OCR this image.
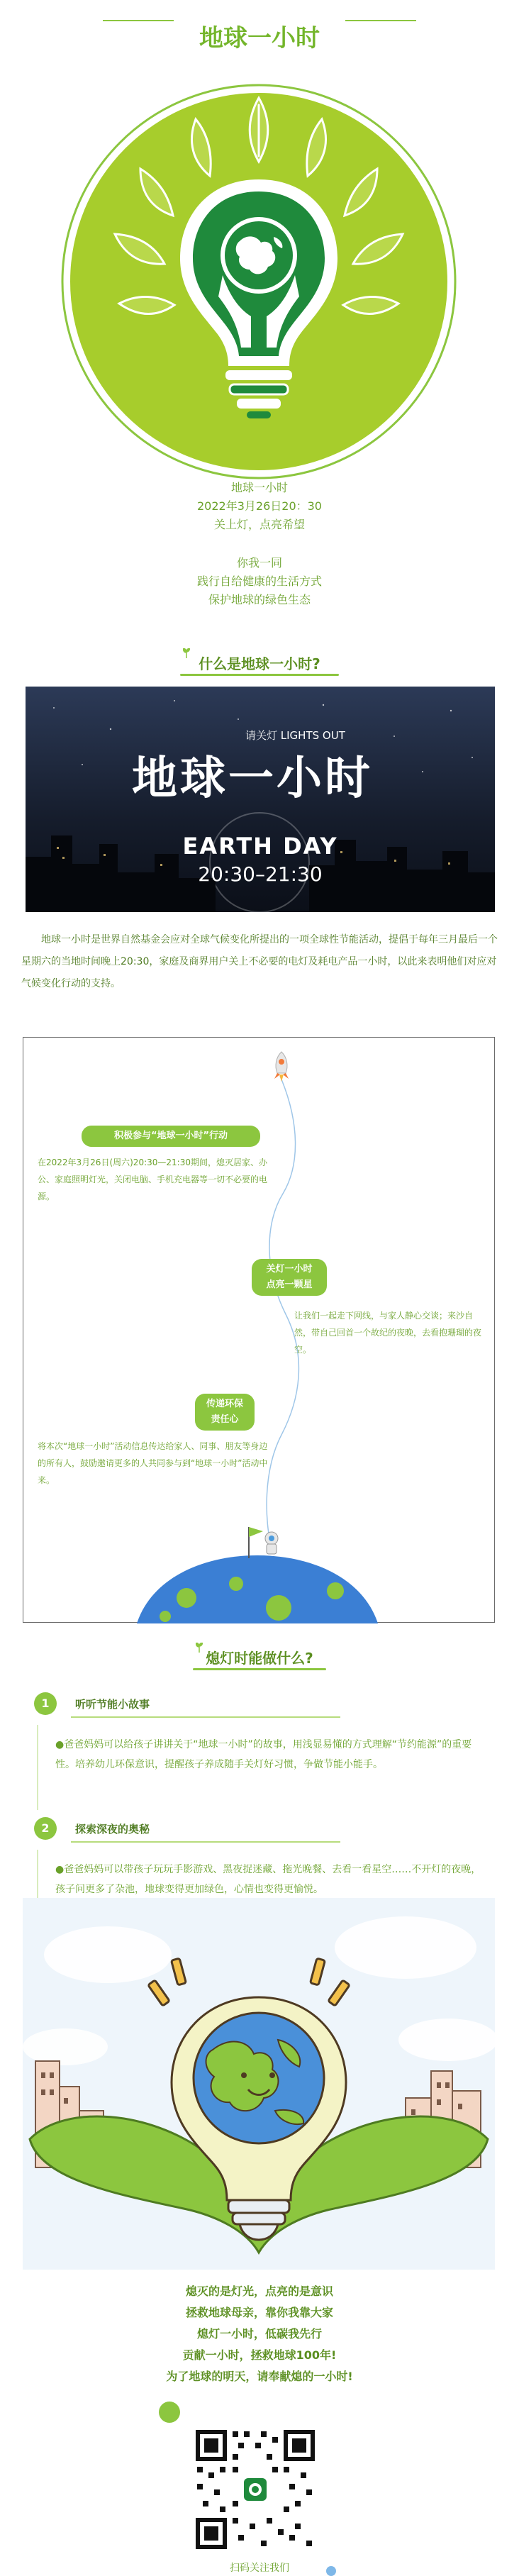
地球一小时
地球一小时
2022年3月26日20：30
关上灯，点亮希望
你我一同
践行自给健康的生活方式
保护地球的绿色生态
什么是地球一小时?
请关灯 LIGHTS OUT
地球一小时
EARTH DAY
20:30–21:30
地球一小时是世界自然基金会应对全球气候变化所提出的一项全球性节能活动，提倡于每年三月最后一个星期六的当地时间晚上20:30，家庭及商界用户关上不必要的电灯及耗电产品一小时，以此来表明他们对应对气候变化行动的支持。
积极参与“地球一小时”行动
在2022年3月26日(周六)20:30—21:30期间，熄灭居家、办公、家庭照明灯光，关闭电脑、手机充电器等一切不必要的电源。
关灯一小时
点亮一颗星
让我们一起走下网线，与家人静心交谈；来沙自然，带自己回首一个故纪的夜晚，去看抱珊瑚的夜空。
传递环保
责任心
将本次“地球一小时”活动信息传达给家人、同事、朋友等身边的所有人，鼓励邀请更多的人共同参与到“地球一小时”活动中来。
熄灯时能做什么?
1	听听节能小故事
●爸爸妈妈可以给孩子讲讲关于“地球一小时”的故事，用浅显易懂的方式理解“节约能源”的重要性。培养幼儿环保意识，提醒孩子养成随手关灯好习惯，争做节能小能手。
2	探索深夜的奥秘
●爸爸妈妈可以带孩子玩玩手影游戏、黑夜捉迷藏、拖光晚餐、去看一看星空……不开灯的夜晚，孩子问更多了杂池，地球变得更加绿色，心情也变得更愉悦。
熄灭的是灯光，点亮的是意识
拯救地球母亲，靠你我靠大家
熄灯一小时，低碳我先行
贡献一小时，拯救地球100年!
为了地球的明天，请奉献熄的一小时!
扫码关注我们
